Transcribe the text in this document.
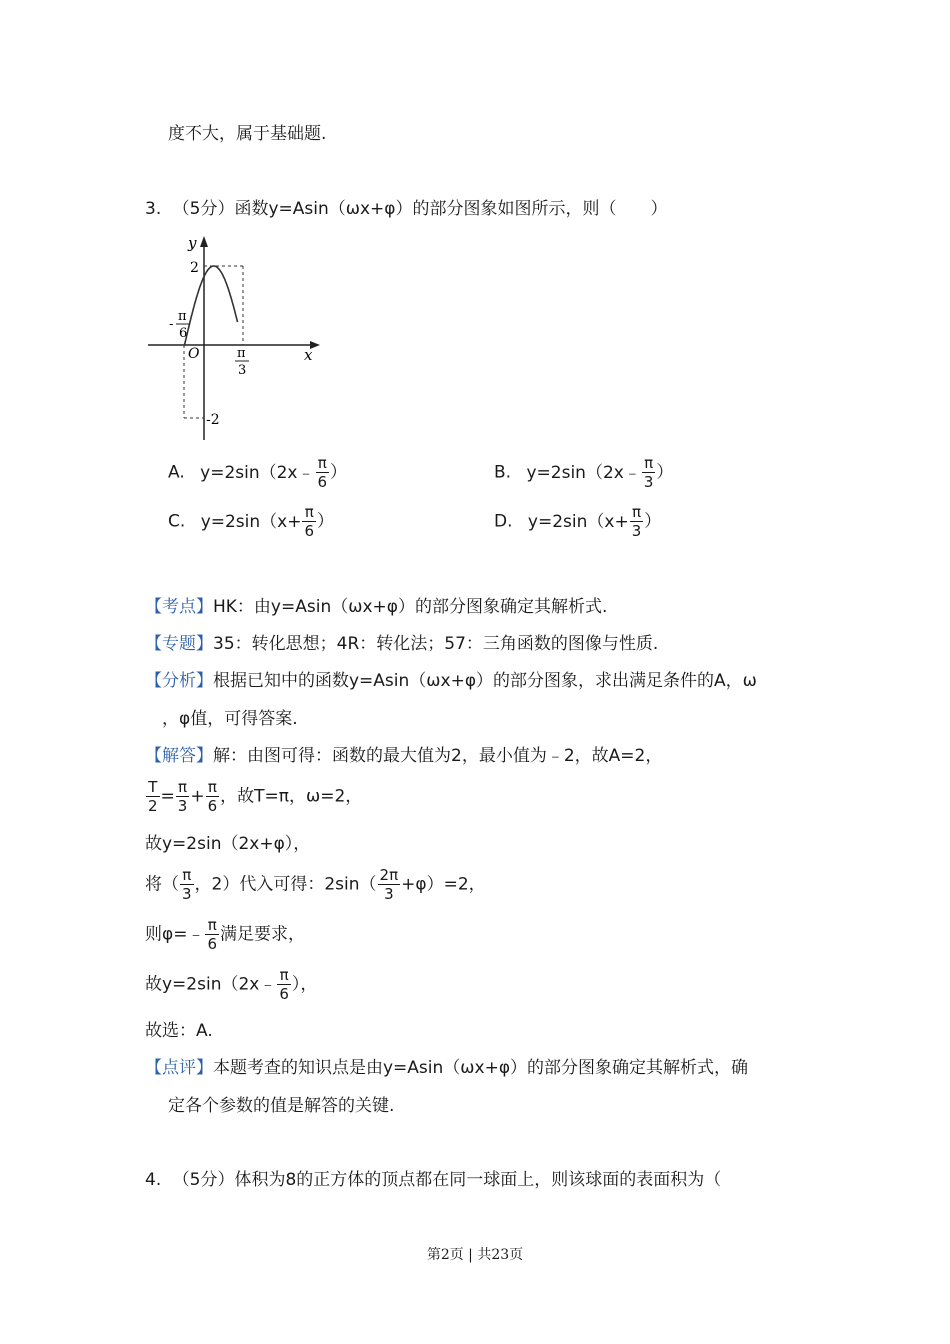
度不大，属于基础题.
3. （5分）函数y=Asin（ωx+φ）的部分图象如图所示，则（　　）
y
x
O
2
-2
-
π
6
π
3
A. y=2sin（2x﹣ $\frac{\pi}{6}$ ）	B. y=2sin（2x﹣ $\frac{\pi}{3}$ ）
C. $y=2\sin(x+ \frac{\pi}{6}$ ）	D. $y=2\sin(x+ \frac{\pi}{3}$ ）
【考点】HK：由y=Asin（ωx+φ）的部分图象确定其解析式.
【专题】35：转化思想；4R：转化法；57：三角函数的图像与性质.
【分析】根据已知中的函数y=Asin（ωx+φ）的部分图象，求出满足条件的A，ω
，φ值，可得答案.
【解答】解：由图可得：函数的最大值为2，最小值为﹣2，故A=2，
$\frac{T}{2} = \frac{\pi}{3} + \frac{\pi}{6}$ ，故T=π，ω=2，
故y=2sin（2x+φ），
将（ $\frac{\pi}{3}$ ，2）代入可得：$2\sin( \frac{2\pi}{3} +\varphi)=2$，
则φ=﹣ $\frac{\pi}{6}$ 满足要求，
故y=2sin（2x﹣ $\frac{\pi}{6}$ ），
故选：A.
【点评】本题考查的知识点是由y=Asin（ωx+φ）的部分图象确定其解析式，确
定各个参数的值是解答的关键.
4. （5分）体积为8的正方体的顶点都在同一球面上，则该球面的表面积为（
第2页 | 共23页
